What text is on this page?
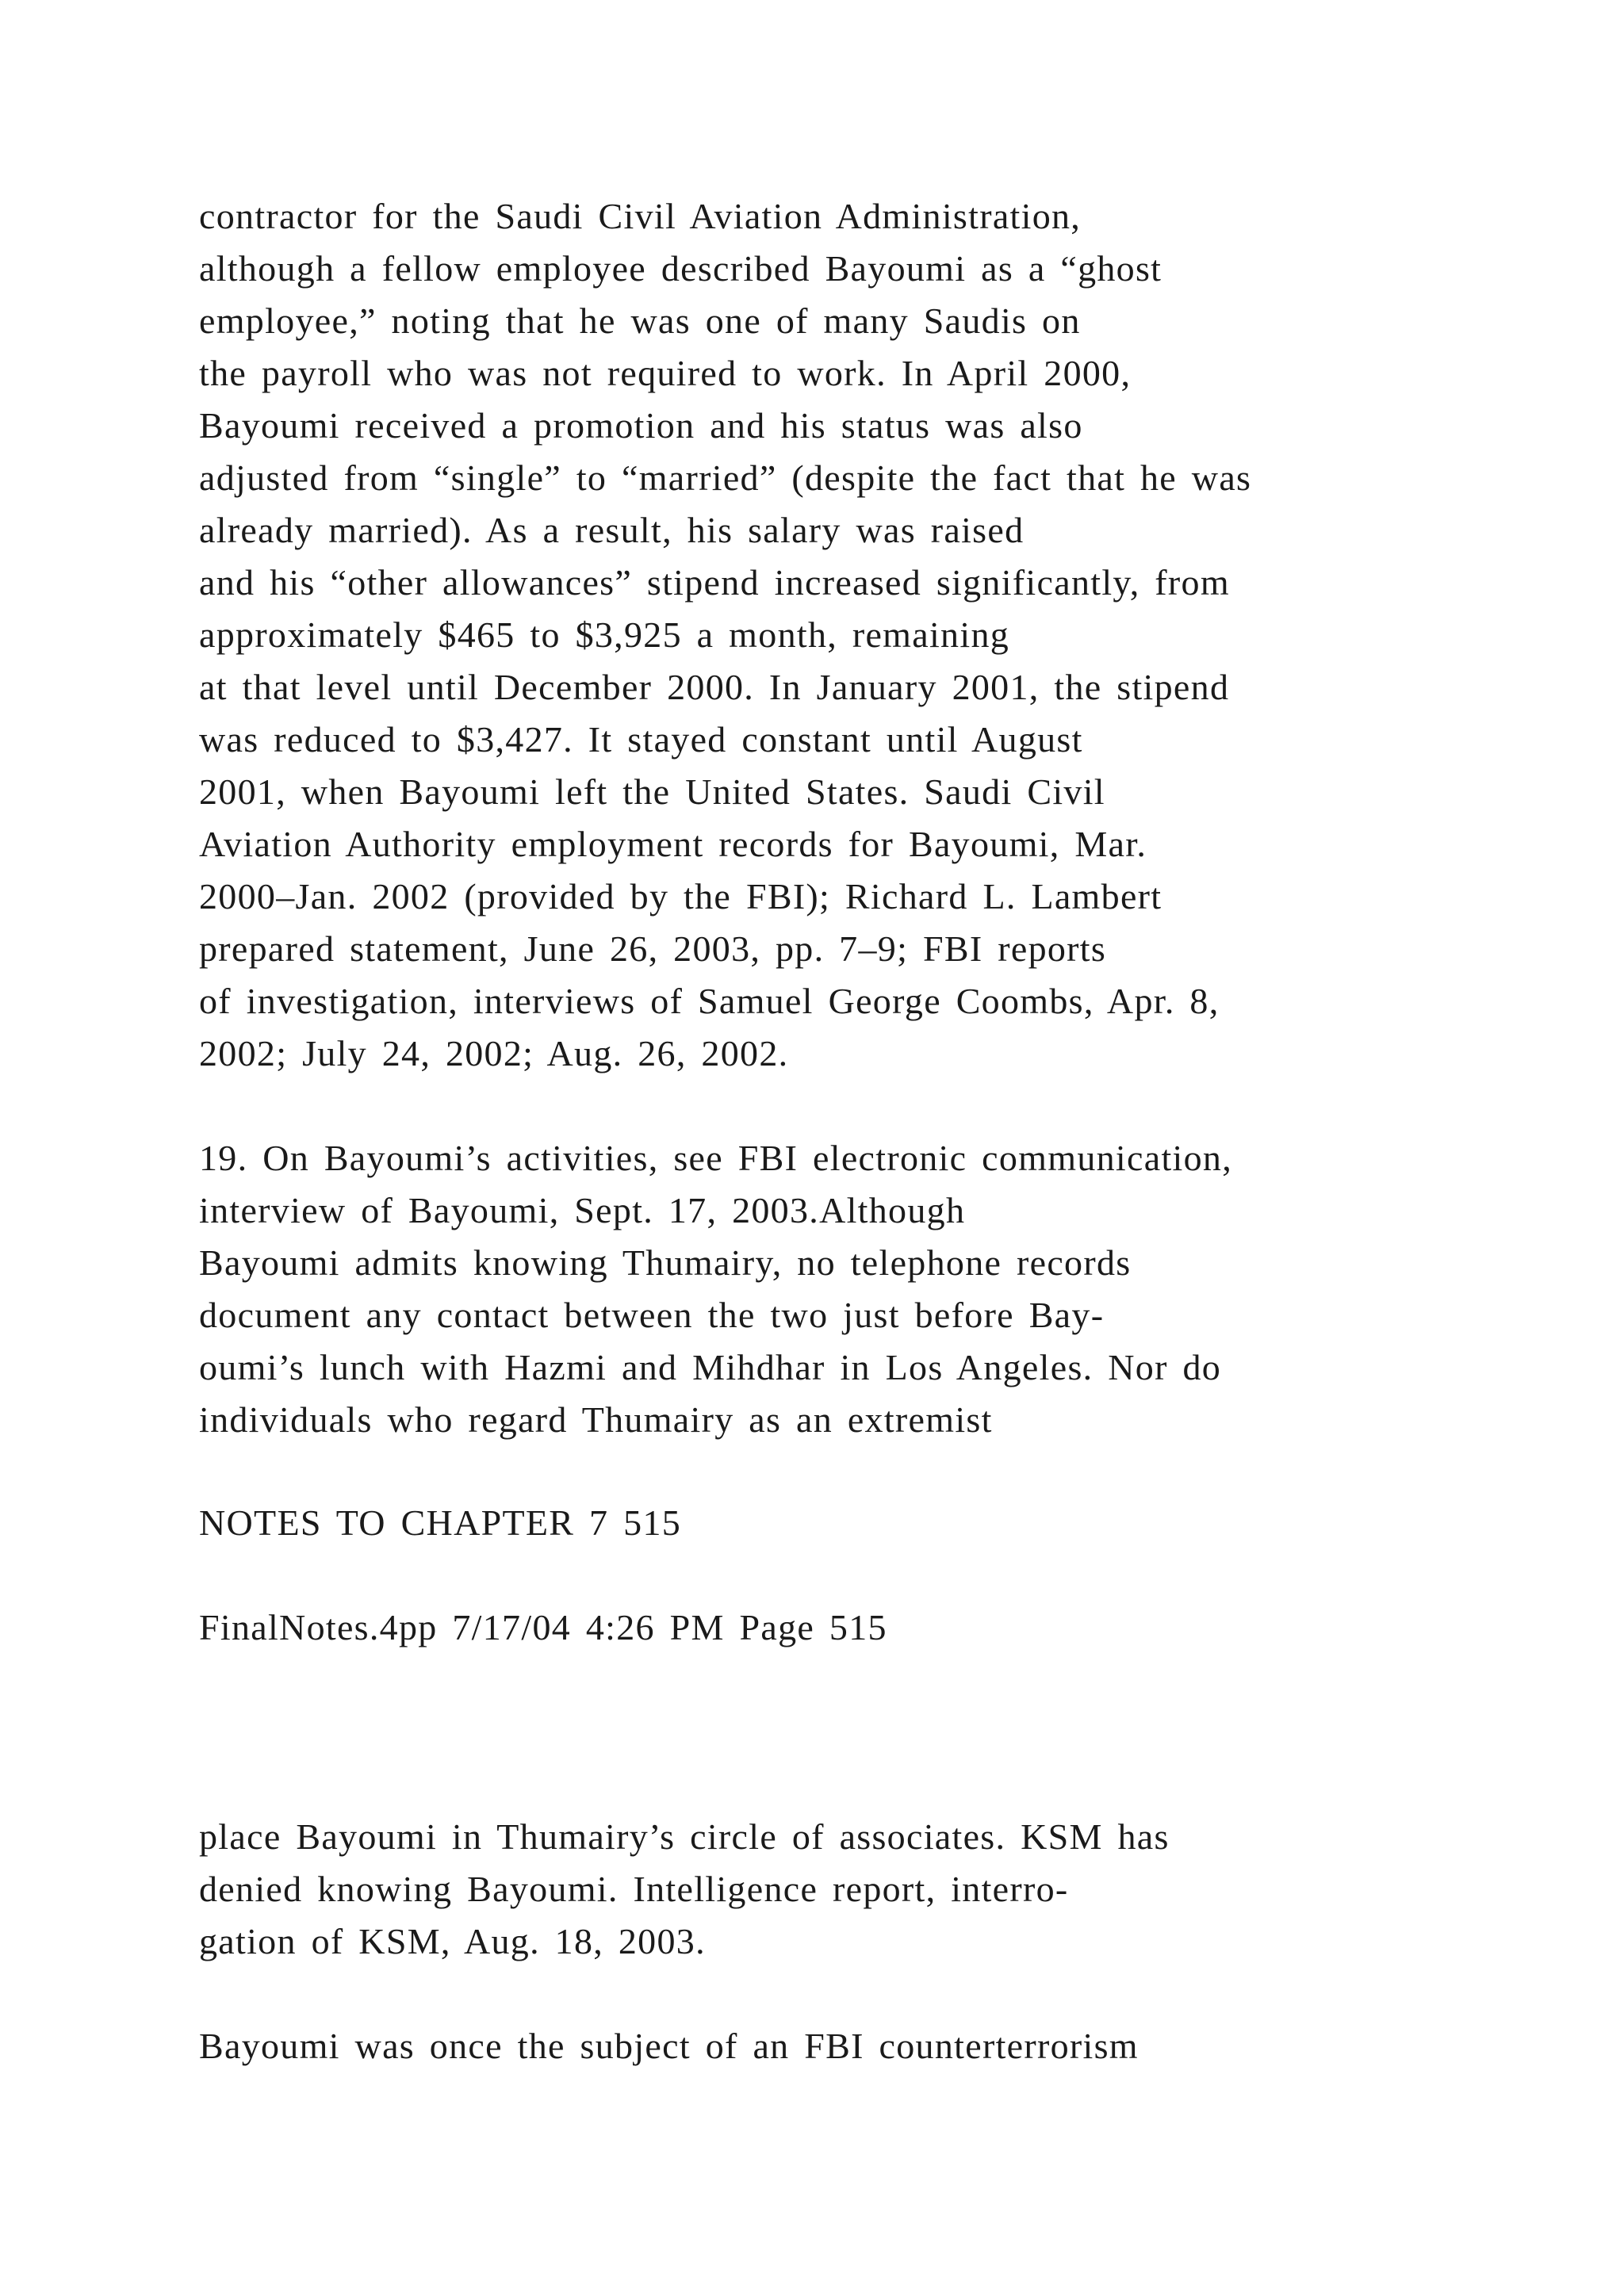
contractor for the Saudi Civil Aviation Administration,

although a fellow employee described Bayoumi as a “ghost

employee,” noting that he was one of many Saudis on

the payroll who was not required to work. In April 2000,

Bayoumi received a promotion and his status was also

adjusted from “single” to “married” (despite the fact that he was

already married). As a result, his salary was raised

and his “other allowances” stipend increased significantly, from

approximately $465 to $3,925 a month, remaining

at that level until December 2000. In January 2001, the stipend

was reduced to $3,427. It stayed constant until August

2001, when Bayoumi left the United States. Saudi Civil

Aviation Authority employment records for Bayoumi, Mar.

2000–Jan. 2002 (provided by the FBI); Richard L. Lambert

prepared statement, June 26, 2003, pp. 7–9; FBI reports

of investigation, interviews of Samuel George Coombs, Apr. 8,

2002; July 24, 2002; Aug. 26, 2002.

19. On Bayoumi’s activities, see FBI electronic communication,

interview of Bayoumi, Sept. 17, 2003.Although

Bayoumi admits knowing Thumairy, no telephone records

document any contact between the two just before Bay-

oumi’s lunch with Hazmi and Mihdhar in Los Angeles. Nor do

individuals who regard Thumairy as an extremist

NOTES TO CHAPTER 7 515

FinalNotes.4pp 7/17/04 4:26 PM Page 515

place Bayoumi in Thumairy’s circle of associates. KSM has

denied knowing Bayoumi. Intelligence report, interro-

gation of KSM, Aug. 18, 2003.

Bayoumi was once the subject of an FBI counterterrorism
